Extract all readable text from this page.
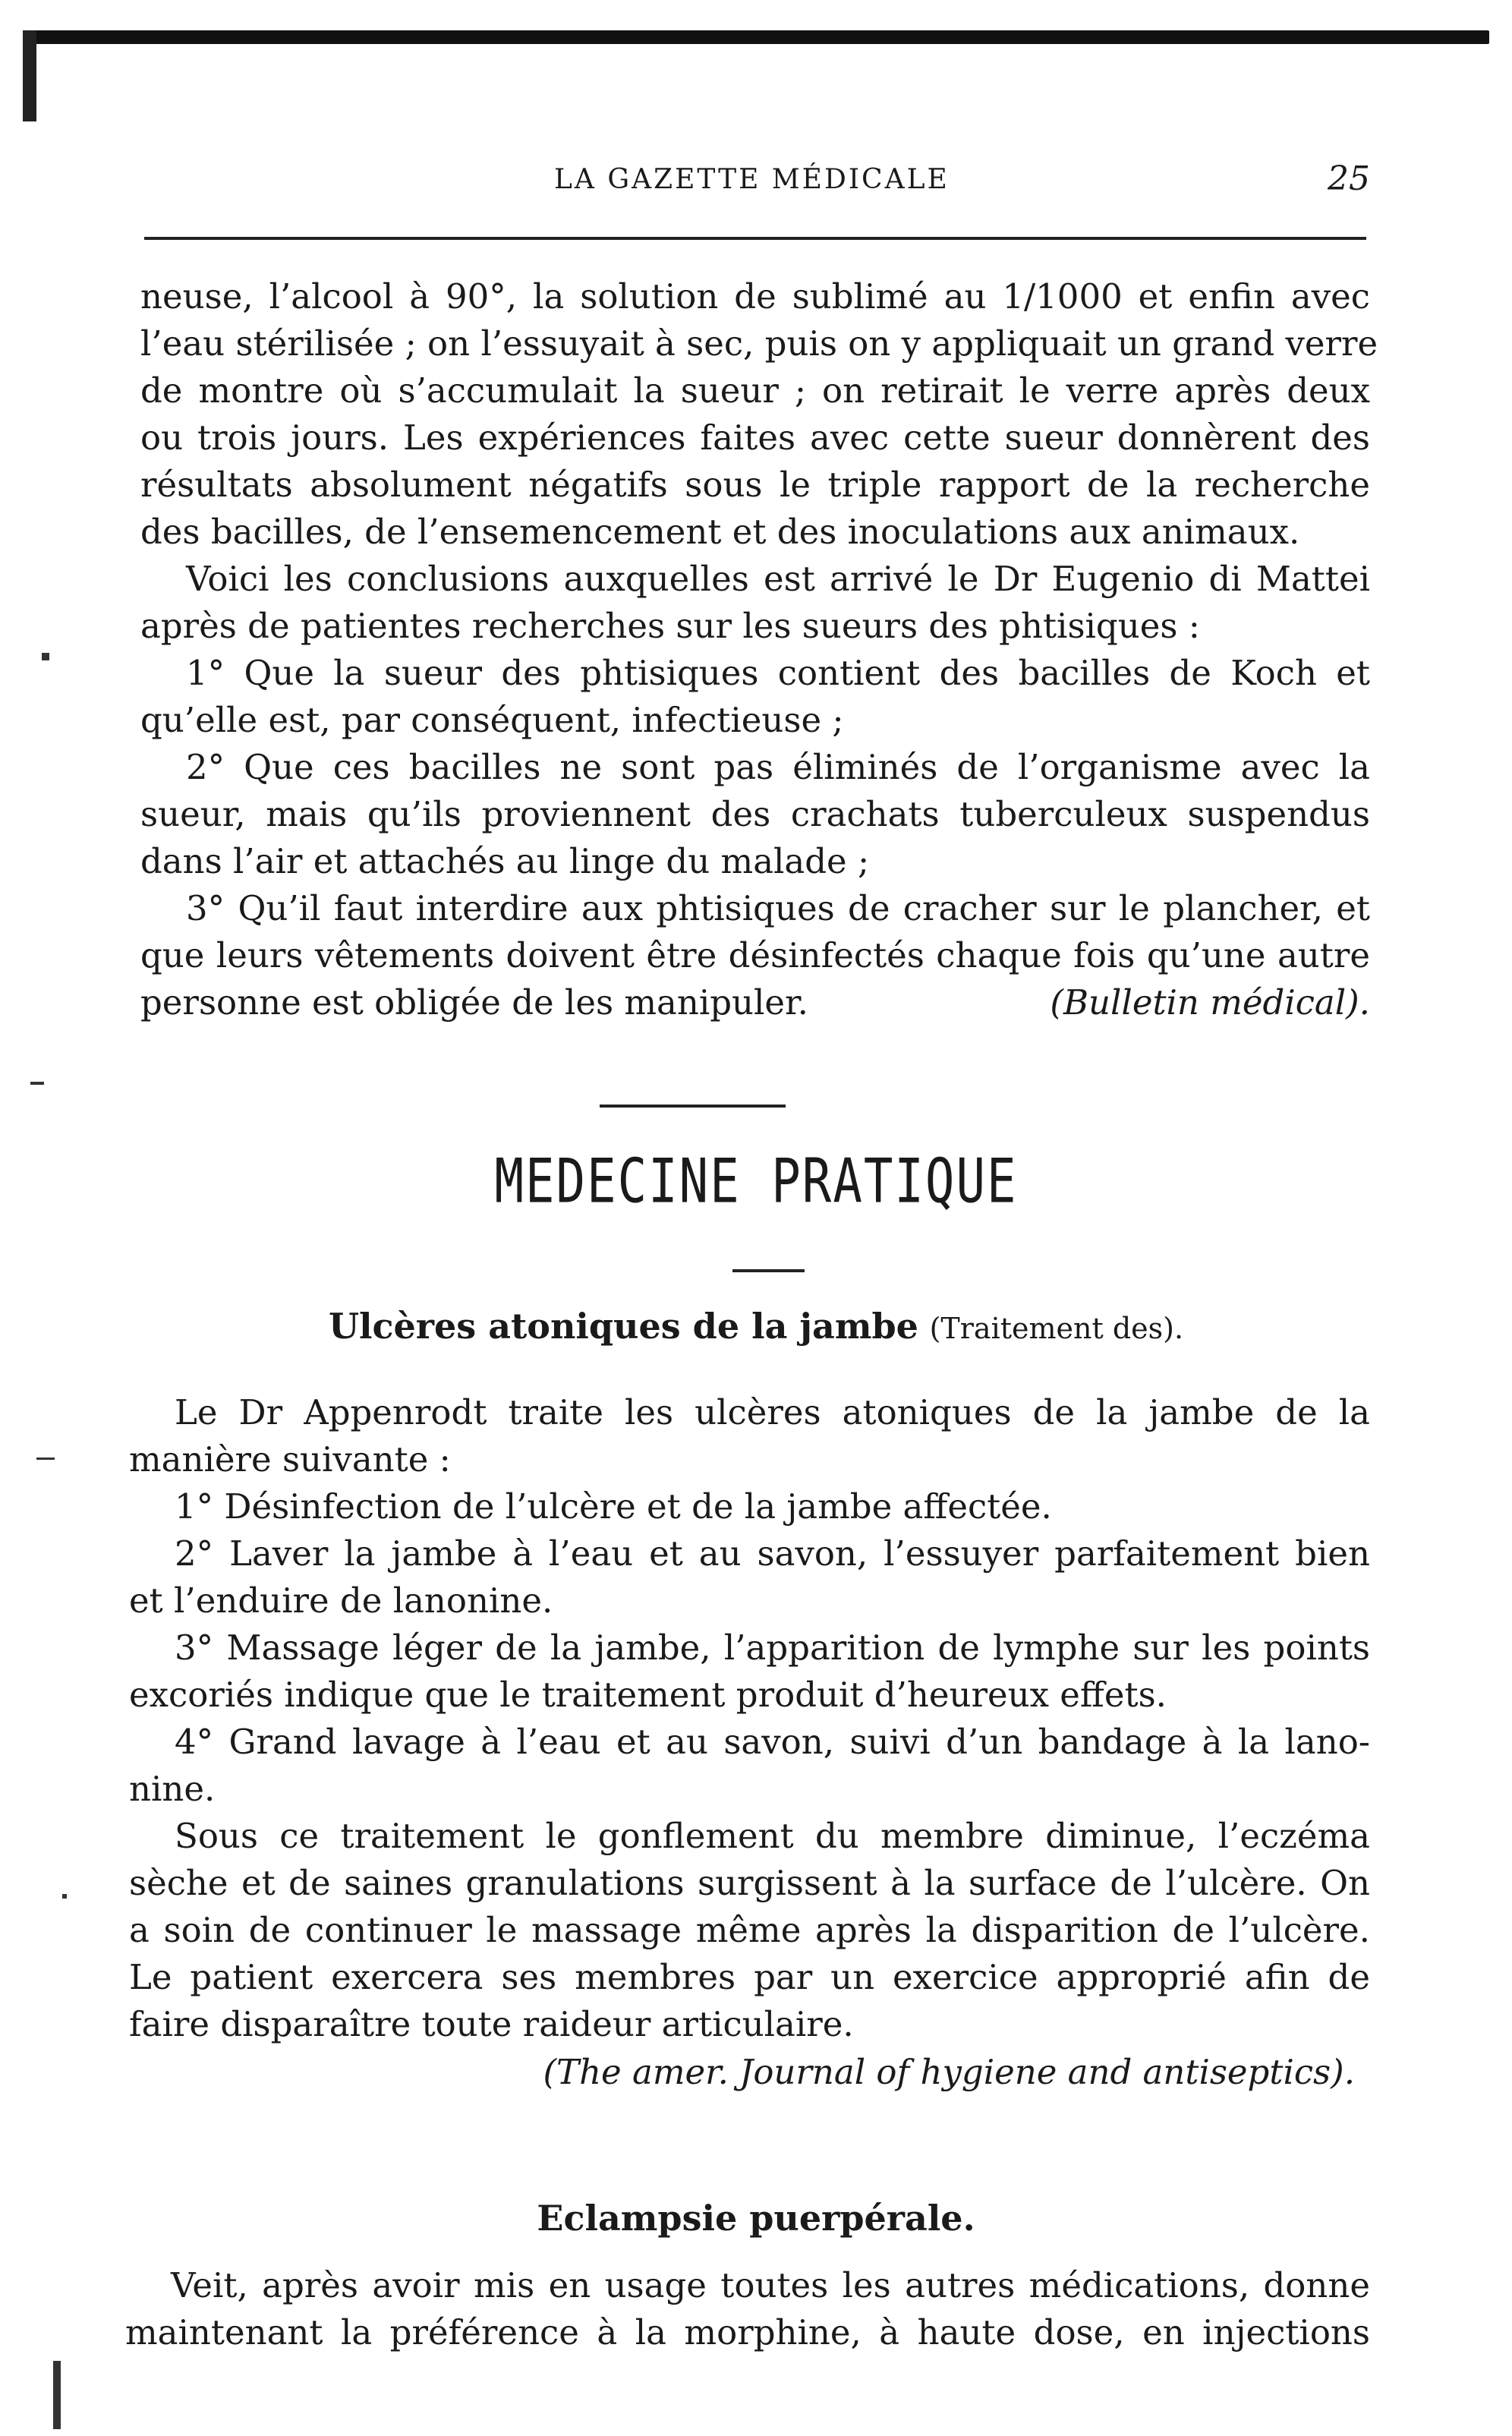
LA GAZETTE MÉDICALE	25
neuse, l’alcool à 90°, la solution de sublimé au 1/1000 et enfin avec
l’eau stérilisée ; on l’essuyait à sec, puis on y appliquait un grand verre
de montre où s’accumulait la sueur ; on retirait le verre après deux
ou trois jours. Les expériences faites avec cette sueur donnèrent des
résultats absolument négatifs sous le triple rapport de la recherche
des bacilles, de l’ensemencement et des inoculations aux animaux.
Voici les conclusions auxquelles est arrivé le Dr Eugenio di Mattei
après de patientes recherches sur les sueurs des phtisiques :
1° Que la sueur des phtisiques contient des bacilles de Koch et
qu’elle est, par conséquent, infectieuse ;
2° Que ces bacilles ne sont pas éliminés de l’organisme avec la
sueur, mais qu’ils proviennent des crachats tuberculeux suspendus
dans l’air et attachés au linge du malade ;
3° Qu’il faut interdire aux phtisiques de cracher sur le plancher, et
que leurs vêtements doivent être désinfectés chaque fois qu’une autre
personne est obligée de les manipuler.	(Bulletin médical).
MEDECINE PRATIQUE
Ulcères atoniques de la jambe (Traitement des).
Le Dr Appenrodt traite les ulcères atoniques de la jambe de la
manière suivante :
1° Désinfection de l’ulcère et de la jambe affectée.
2° Laver la jambe à l’eau et au savon, l’essuyer parfaitement bien
et l’enduire de lanonine.
3° Massage léger de la jambe, l’apparition de lymphe sur les points
excoriés indique que le traitement produit d’heureux effets.
4° Grand lavage à l’eau et au savon, suivi d’un bandage à la lano-
nine.
Sous ce traitement le gonflement du membre diminue, l’eczéma
sèche et de saines granulations surgissent à la surface de l’ulcère. On
a soin de continuer le massage même après la disparition de l’ulcère.
Le patient exercera ses membres par un exercice approprié afin de
faire disparaître toute raideur articulaire.
(The amer. Journal of hygiene and antiseptics).
Eclampsie puerpérale.
Veit, après avoir mis en usage toutes les autres médications, donne
maintenant la préférence à la morphine, à haute dose, en injections
